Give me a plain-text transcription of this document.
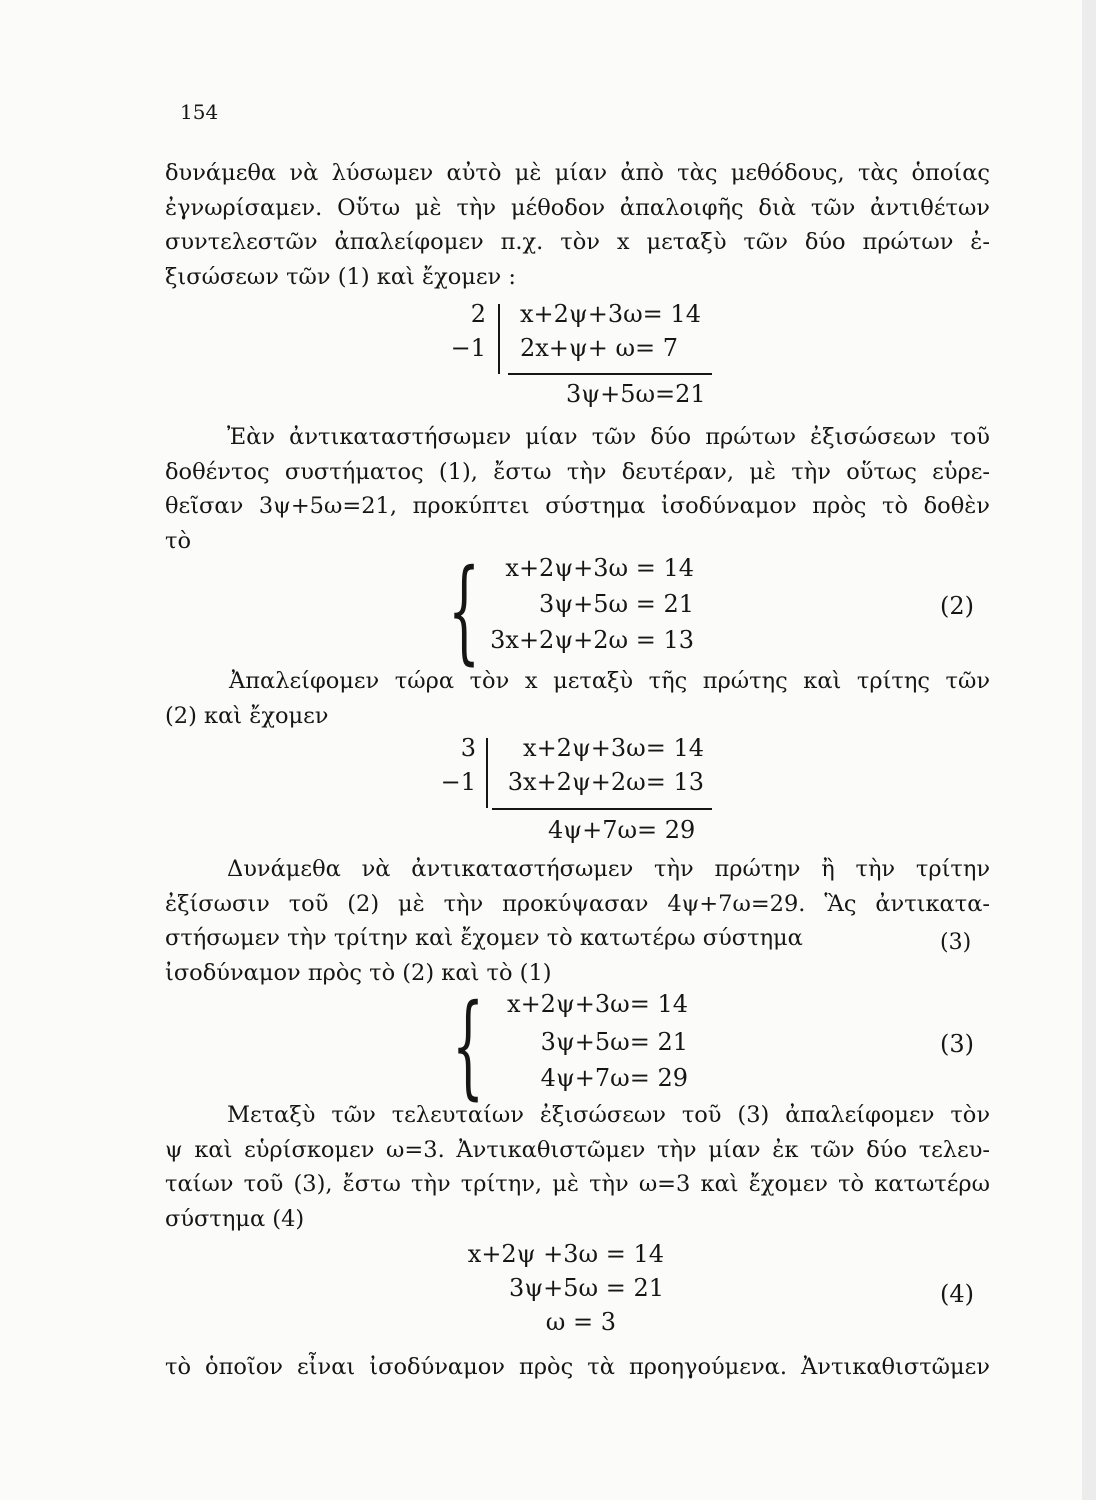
154

δυνάμεθα νὰ λύσωμεν αὐτὸ μὲ μίαν ἀπὸ τὰς μεθόδους, τὰς ὁποίας

ἐγνωρίσαμεν. Οὕτω μὲ τὴν μέθοδον ἀπαλοιφῆς διὰ τῶν ἀντιθέτων

συντελεστῶν ἀπαλείφομεν π.χ. τὸν x μεταξὺ τῶν δύο πρώτων ἐ-

ξισώσεων τῶν (1) καὶ ἔχομεν :

2
−1
x+2ψ+3ω= 14
2x+ψ+ ω= 7
3ψ+5ω=21

Ἐὰν ἀντικαταστήσωμεν μίαν τῶν δύο πρώτων ἐξισώσεων τοῦ

δοθέντος συστήματος (1), ἔστω τὴν δευτέραν, μὲ τὴν οὕτως εὑρε-

θεῖσαν 3ψ+5ω=21, προκύπτει σύστημα ἰσοδύναμον πρὸς τὸ δοθὲν

τὸ

{	x+2ψ+3ω = 14
3ψ+5ω = 21
3x+2ψ+2ω = 13
(2)

Ἀπαλείφομεν τώρα τὸν x μεταξὺ τῆς πρώτης καὶ τρίτης τῶν

(2) καὶ ἔχομεν

3
−1
x+2ψ+3ω= 14
3x+2ψ+2ω= 13
4ψ+7ω= 29

Δυνάμεθα νὰ ἀντικαταστήσωμεν τὴν πρώτην ἢ τὴν τρίτην

ἐξίσωσιν τοῦ (2) μὲ τὴν προκύψασαν 4ψ+7ω=29. Ἃς ἀντικατα-

στήσωμεν τὴν τρίτην καὶ ἔχομεν τὸ κατωτέρω σύστημα

ἰσοδύναμον πρὸς τὸ (2) καὶ τὸ (1)

(3)
{ x+2ψ+3ω= 14
3ψ+5ω= 21
4ψ+7ω= 29
(3)

Μεταξὺ τῶν τελευταίων ἐξισώσεων τοῦ (3) ἀπαλείφομεν τὸν

ψ καὶ εὑρίσκομεν ω=3. Ἀντικαθιστῶμεν τὴν μίαν ἐκ τῶν δύο τελευ-

ταίων τοῦ (3), ἔστω τὴν τρίτην, μὲ τὴν ω=3 καὶ ἔχομεν τὸ κατωτέρω

σύστημα (4)

x+2ψ +3ω = 14
3ψ+5ω = 21
ω = 3
(4)

τὸ ὁποῖον εἶναι ἰσοδύναμον πρὸς τὰ προηγούμενα. Ἀντικαθιστῶμεν
